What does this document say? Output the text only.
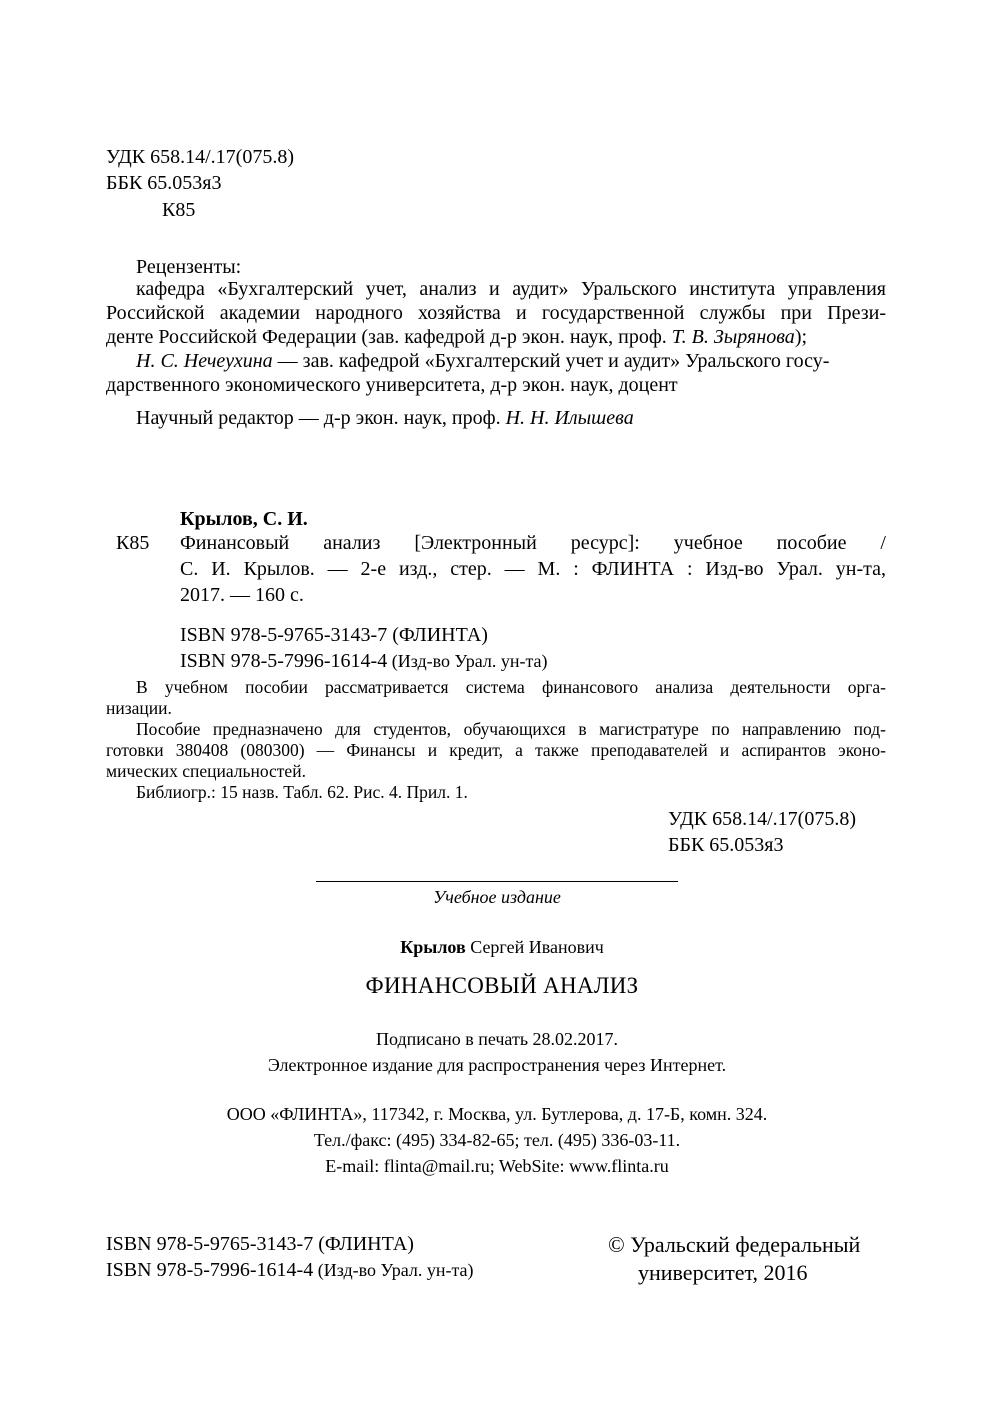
УДК 658.14/.17(075.8)
ББК 65.053я3
К85
Рецензенты:
кафедра «Бухгалтерский учет, анализ и аудит» Уральского института управления
Российской академии народного хозяйства и государственной службы при Прези-
денте Российской Федерации (зав. кафедрой д-р экон. наук, проф. Т. В. Зырянова);
Н. С. Нечеухина — зав. кафедрой «Бухгалтерский учет и аудит» Уральского госу-
дарственного экономического университета, д-р экон. наук, доцент
Научный редактор — д-р экон. наук, проф. Н. Н. Илышева
Крылов, С. И.
К85 Финансовый анализ [Электронный ресурс]: учебное пособие /
С. И. Крылов. — 2-е изд., стер. — М. : ФЛИНТА : Изд-во Урал. ун-та,
2017. — 160 с.
ISBN 978-5-9765-3143-7 (ФЛИНТА)
ISBN 978-5-7996-1614-4 (Изд-во Урал. ун-та)
В учебном пособии рассматривается система финансового анализа деятельности орга-
низации.
Пособие предназначено для студентов, обучающихся в магистратуре по направлению под-
готовки 380408 (080300) — Финансы и кредит, а также преподавателей и аспирантов эконо-
мических специальностей.
Библиогр.: 15 назв. Табл. 62. Рис. 4. Прил. 1.
УДК 658.14/.17(075.8)
ББК 65.053я3
Учебное издание
Крылов Сергей Иванович
ФИНАНСОВЫЙ АНАЛИЗ
Подписано в печать 28.02.2017.
Электронное издание для распространения через Интернет.
ООО «ФЛИНТА», 117342, г. Москва, ул. Бутлерова, д. 17-Б, комн. 324.
Тел./факс: (495) 334-82-65; тел. (495) 336-03-11.
E-mail: flinta@mail.ru; WebSite: www.flinta.ru
ISBN 978-5-9765-3143-7 (ФЛИНТА)
ISBN 978-5-7996-1614-4 (Изд-во Урал. ун-та)
© Уральский федеральный
университет, 2016
